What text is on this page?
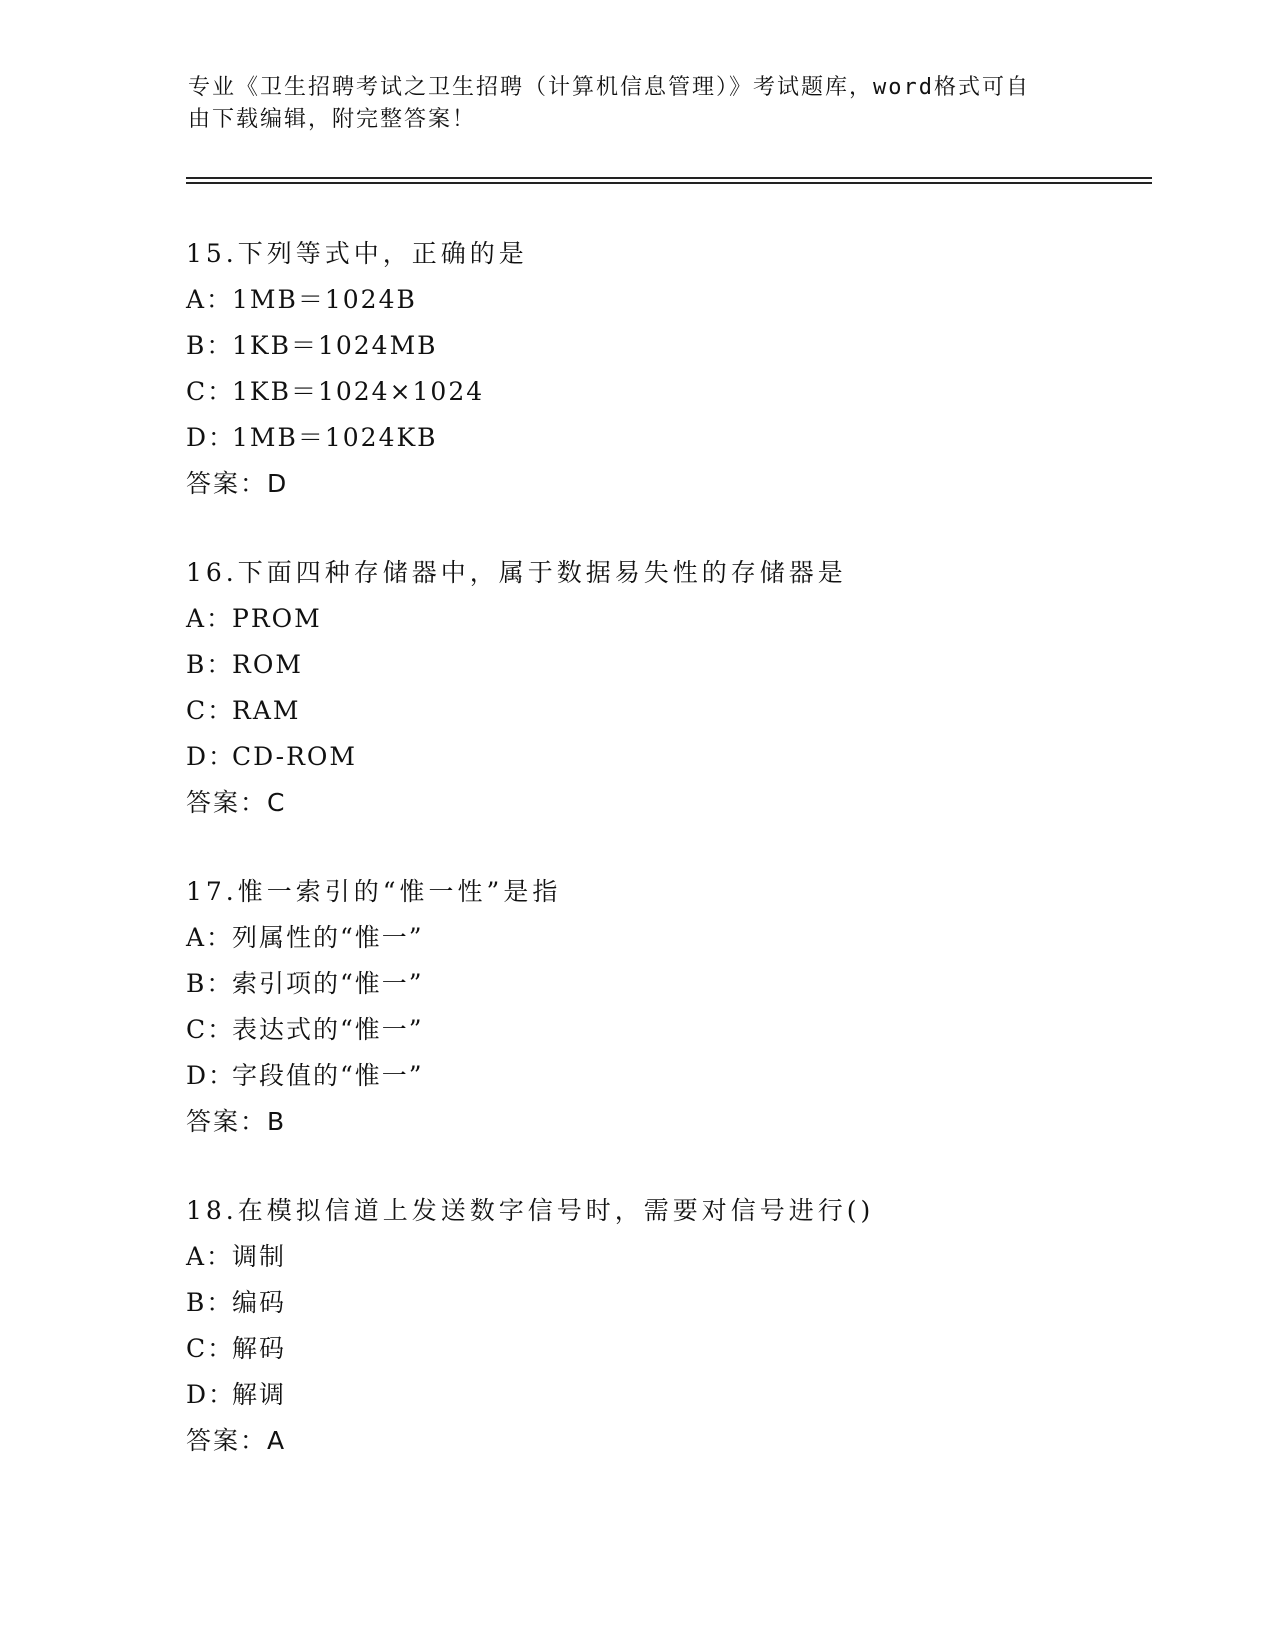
专业《卫生招聘考试之卫生招聘（计算机信息管理）》考试题库，word格式可自
由下载编辑，附完整答案！
15.下列等式中，正确的是
A：1MB＝1024B
B：1KB＝1024MB
C：1KB＝1024×1024
D：1MB＝1024KB
答案：D
16.下面四种存储器中，属于数据易失性的存储器是
A：PROM
B：ROM
C：RAM
D：CD-ROM
答案：C
17.惟一索引的“惟一性”是指
A：列属性的“惟一”
B：索引项的“惟一”
C：表达式的“惟一”
D：字段值的“惟一”
答案：B
18.在模拟信道上发送数字信号时，需要对信号进行()
A：调制
B：编码
C：解码
D：解调
答案：A
